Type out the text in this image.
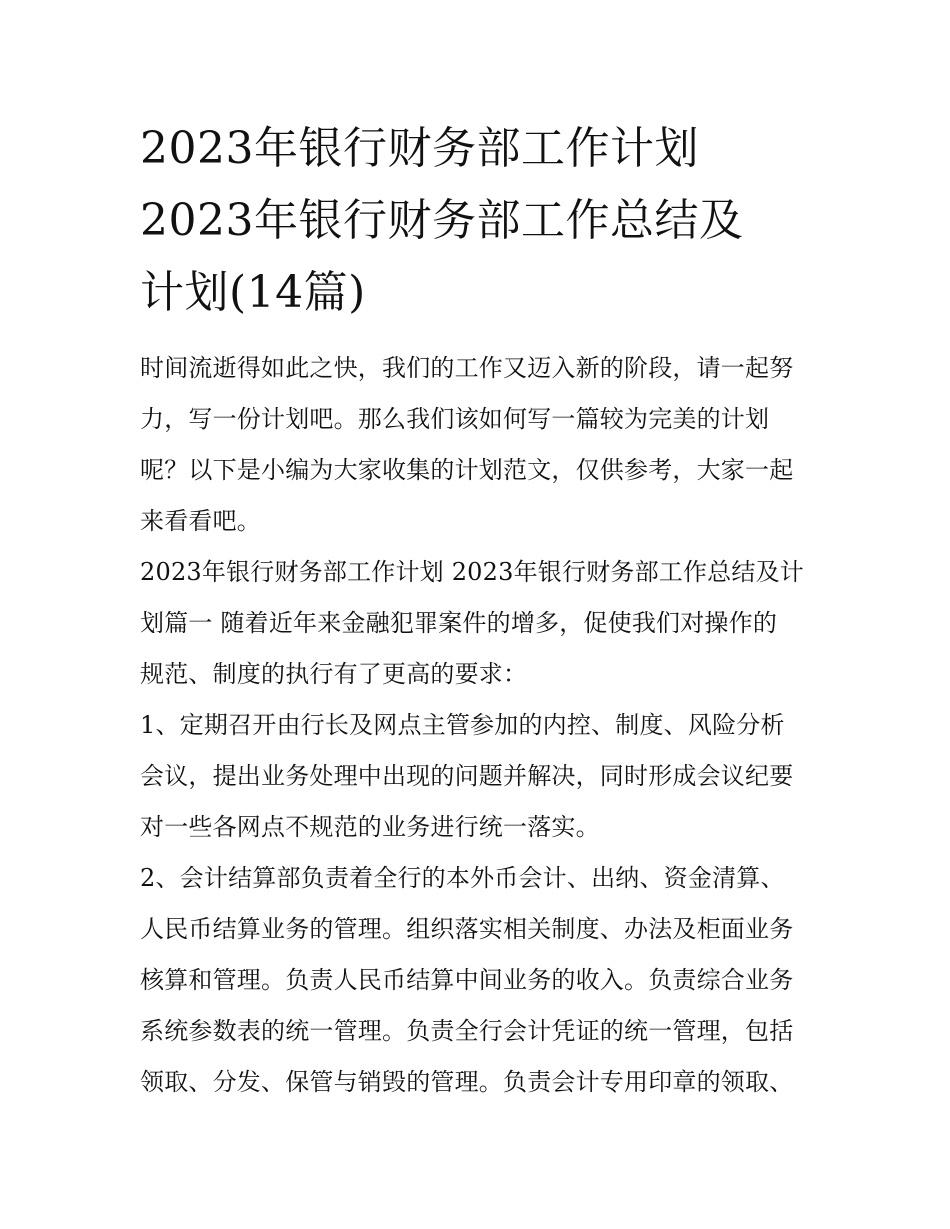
2023年银行财务部工作计划
2023年银行财务部工作总结及
计划(14篇)

时间流逝得如此之快，我们的工作又迈入新的阶段，请一起努
力，写一份计划吧。那么我们该如何写一篇较为完美的计划
呢？以下是小编为大家收集的计划范文，仅供参考，大家一起
来看看吧。

2023年银行财务部工作计划 2023年银行财务部工作总结及计
划篇一 随着近年来金融犯罪案件的增多，促使我们对操作的
规范、制度的执行有了更高的要求：

1、定期召开由行长及网点主管参加的内控、制度、风险分析
会议，提出业务处理中出现的问题并解决，同时形成会议纪要
对一些各网点不规范的业务进行统一落实。

2、会计结算部负责着全行的本外币会计、出纳、资金清算、
人民币结算业务的管理。组织落实相关制度、办法及柜面业务
核算和管理。负责人民币结算中间业务的收入。负责综合业务
系统参数表的统一管理。负责全行会计凭证的统一管理，包括
领取、分发、保管与销毁的管理。负责会计专用印章的领取、
